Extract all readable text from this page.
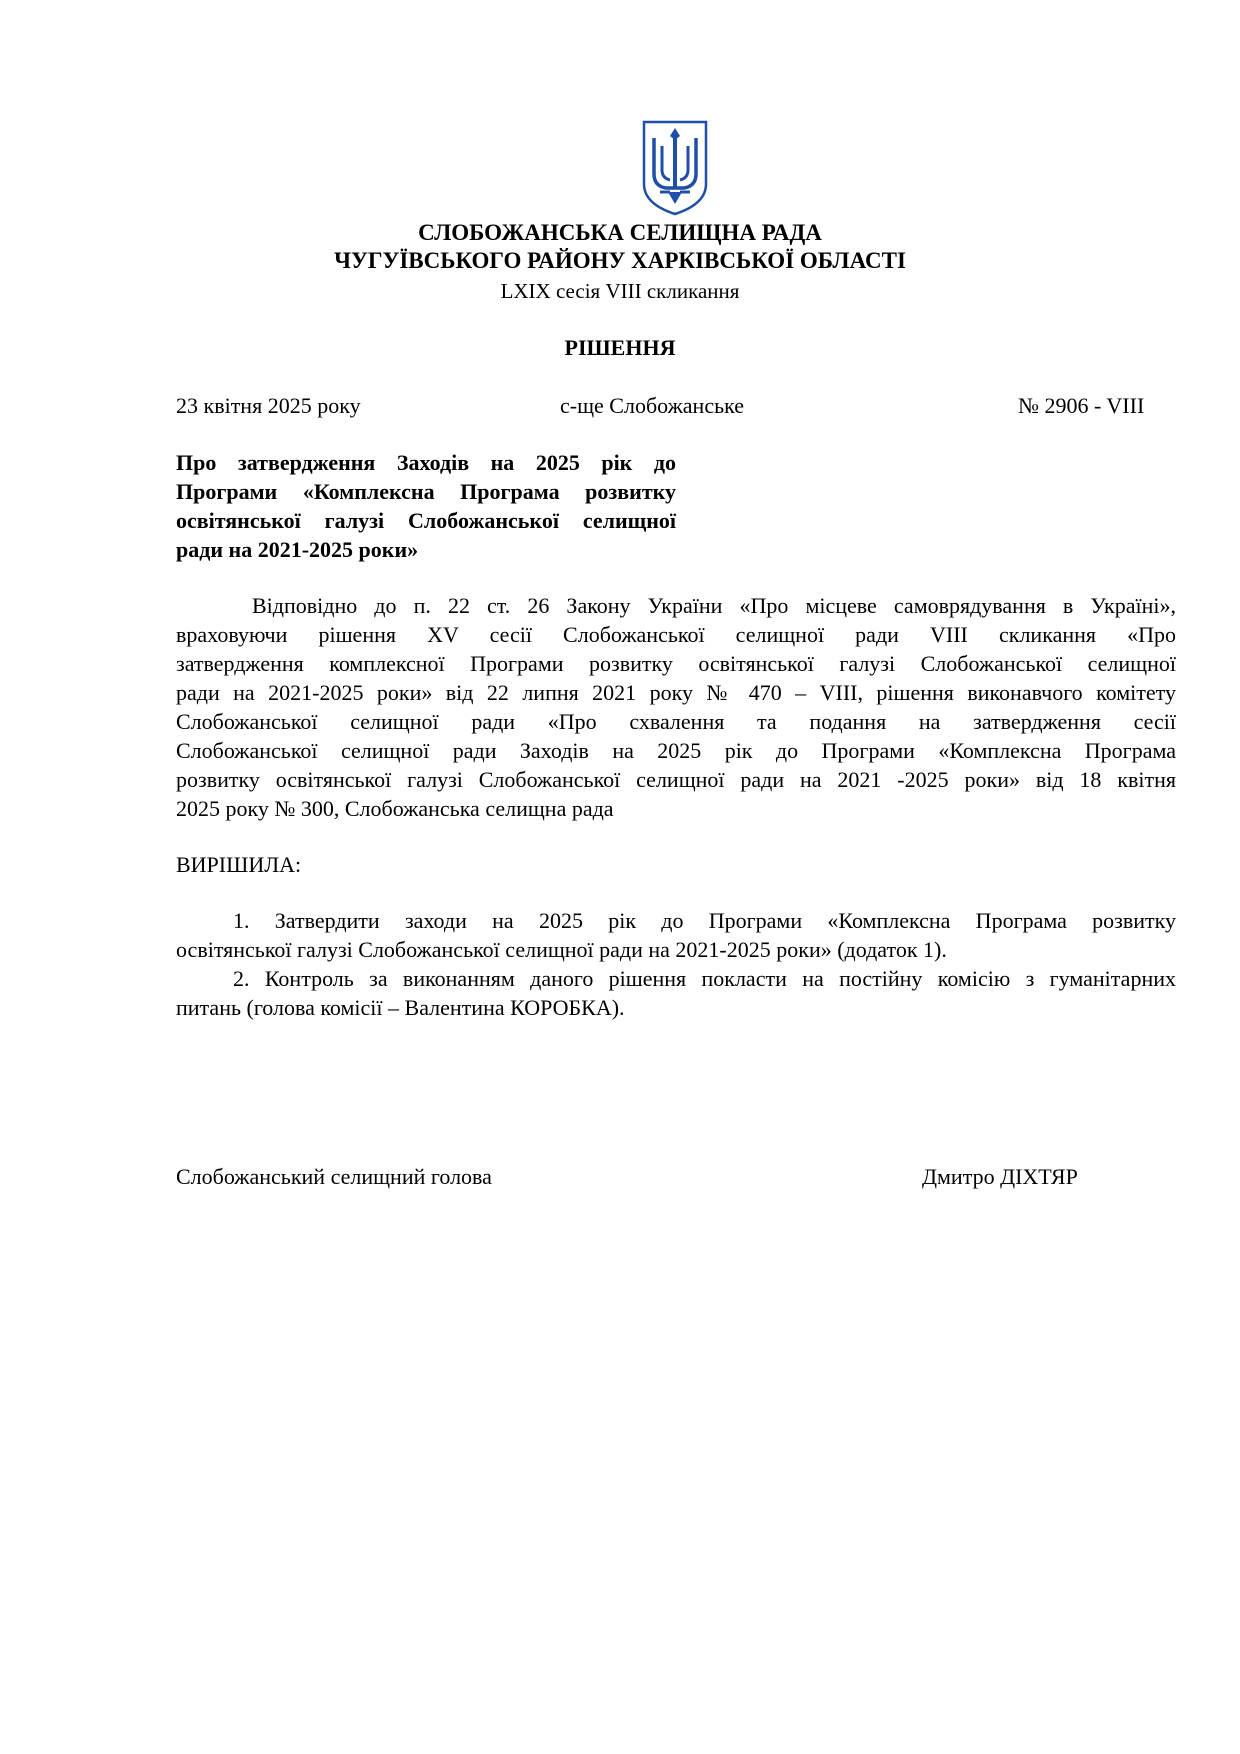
СЛОБОЖАНСЬКА СЕЛИЩНА РАДА
ЧУГУЇВСЬКОГО РАЙОНУ ХАРКІВСЬКОЇ ОБЛАСТІ
LXIX сесія VIII скликання
РІШЕННЯ
23 квітня 2025 року	с-ще Слобожанське	№ 2906 - VIII
Про затвердження Заходів на 2025 рік до
Програми «Комплексна Програма розвитку
освітянської галузі Слобожанської селищної
ради на 2021-2025 роки»
Відповідно до п. 22 ст. 26 Закону України «Про місцеве самоврядування в Україні»,
враховуючи рішення XV сесії Слобожанської селищної ради VIII скликання «Про
затвердження комплексної Програми розвитку освітянської галузі Слобожанської селищної
ради на 2021-2025 роки» від 22 липня 2021 року № 470 – VIII, рішення виконавчого комітету
Слобожанської селищної ради «Про схвалення та подання на затвердження сесії
Слобожанської селищної ради Заходів на 2025 рік до Програми «Комплексна Програма
розвитку освітянської галузі Слобожанської селищної ради на 2021 -2025 роки» від 18 квітня
2025 року № 300, Слобожанська селищна рада
ВИРІШИЛА:
1. Затвердити заходи на 2025 рік до Програми «Комплексна Програма розвитку
освітянської галузі Слобожанської селищної ради на 2021-2025 роки» (додаток 1).
2. Контроль за виконанням даного рішення покласти на постійну комісію з гуманітарних
питань (голова комісії – Валентина КОРОБКА).
Слобожанський селищний голова	Дмитро ДІХТЯР
